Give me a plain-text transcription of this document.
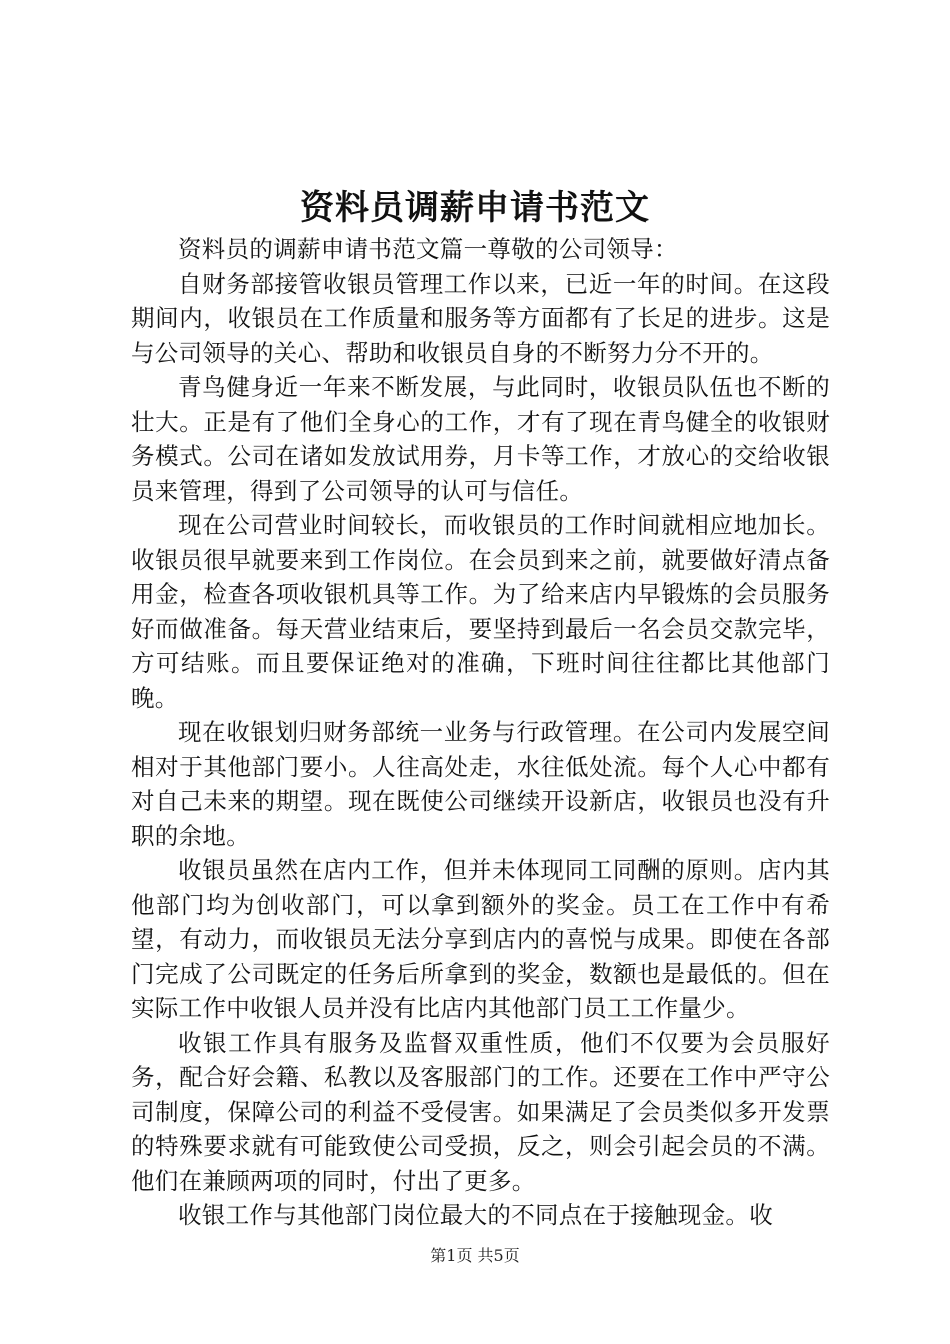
资料员调薪申请书范文

资料员的调薪申请书范文篇一尊敬的公司领导：

自财务部接管收银员管理工作以来，已近一年的时间。在这段期间内，收银员在工作质量和服务等方面都有了长足的进步。这是与公司领导的关心、帮助和收银员自身的不断努力分不开的。

青鸟健身近一年来不断发展，与此同时，收银员队伍也不断的壮大。正是有了他们全身心的工作，才有了现在青鸟健全的收银财务模式。公司在诸如发放试用券，月卡等工作，才放心的交给收银员来管理，得到了公司领导的认可与信任。

现在公司营业时间较长，而收银员的工作时间就相应地加长。收银员很早就要来到工作岗位。在会员到来之前，就要做好清点备用金，检查各项收银机具等工作。为了给来店内早锻炼的会员服务好而做准备。每天营业结束后，要坚持到最后一名会员交款完毕，方可结账。而且要保证绝对的准确，下班时间往往都比其他部门晚。

现在收银划归财务部统一业务与行政管理。在公司内发展空间相对于其他部门要小。人往高处走，水往低处流。每个人心中都有对自己未来的期望。现在既使公司继续开设新店，收银员也没有升职的余地。

收银员虽然在店内工作，但并未体现同工同酬的原则。店内其他部门均为创收部门，可以拿到额外的奖金。员工在工作中有希望，有动力，而收银员无法分享到店内的喜悦与成果。即使在各部门完成了公司既定的任务后所拿到的奖金，数额也是最低的。但在实际工作中收银人员并没有比店内其他部门员工工作量少。

收银工作具有服务及监督双重性质，他们不仅要为会员服好务，配合好会籍、私教以及客服部门的工作。还要在工作中严守公司制度，保障公司的利益不受侵害。如果满足了会员类似多开发票的特殊要求就有可能致使公司受损，反之，则会引起会员的不满。他们在兼顾两项的同时，付出了更多。

收银工作与其他部门岗位最大的不同点在于接触现金。收

第1页 共5页
